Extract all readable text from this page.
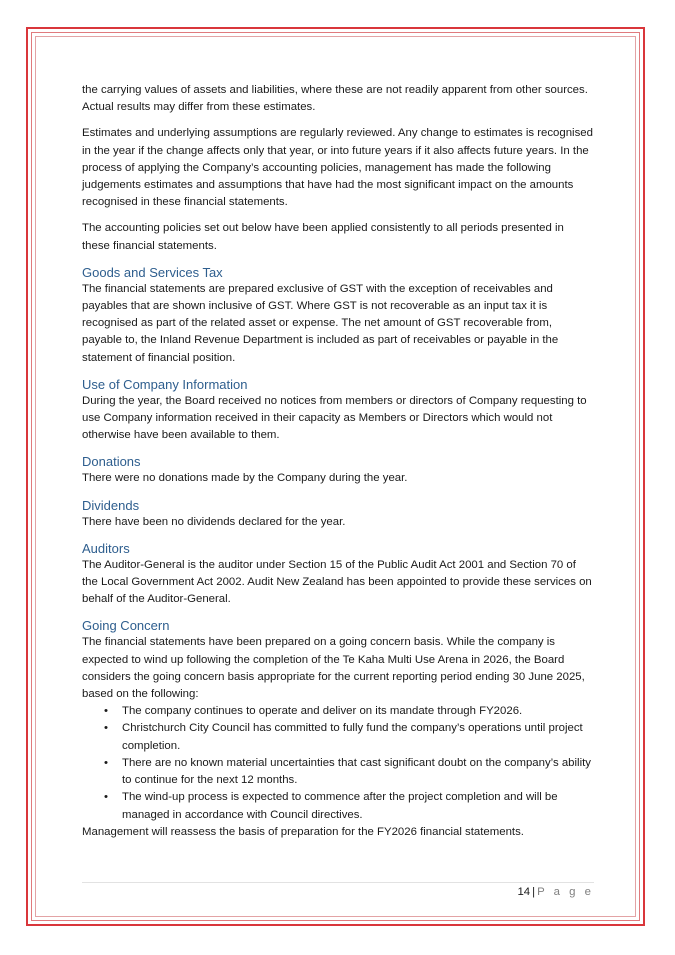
the carrying values of assets and liabilities, where these are not readily apparent from other sources. Actual results may differ from these estimates.

Estimates and underlying assumptions are regularly reviewed. Any change to estimates is recognised in the year if the change affects only that year, or into future years if it also affects future years. In the process of applying the Company’s accounting policies, management has made the following judgements estimates and assumptions that have had the most significant impact on the amounts recognised in these financial statements.

The accounting policies set out below have been applied consistently to all periods presented in these financial statements.

Goods and Services Tax

The financial statements are prepared exclusive of GST with the exception of receivables and payables that are shown inclusive of GST. Where GST is not recoverable as an input tax it is recognised as part of the related asset or expense. The net amount of GST recoverable from, payable to, the Inland Revenue Department is included as part of receivables or payable in the statement of financial position.

Use of Company Information

During the year, the Board received no notices from members or directors of Company requesting to use Company information received in their capacity as Members or Directors which would not otherwise have been available to them.

Donations

There were no donations made by the Company during the year.

Dividends

There have been no dividends declared for the year.

Auditors

The Auditor-General is the auditor under Section 15 of the Public Audit Act 2001 and Section 70 of the Local Government Act 2002. Audit New Zealand has been appointed to provide these services on behalf of the Auditor-General.

Going Concern

The financial statements have been prepared on a going concern basis. While the company is expected to wind up following the completion of the Te Kaha Multi Use Arena in 2026, the Board considers the going concern basis appropriate for the current reporting period ending 30 June 2025, based on the following:

• The company continues to operate and deliver on its mandate through FY2026.
• Christchurch City Council has committed to fully fund the company’s operations until project completion.
• There are no known material uncertainties that cast significant doubt on the company’s ability to continue for the next 12 months.
• The wind-up process is expected to commence after the project completion and will be managed in accordance with Council directives.

Management will reassess the basis of preparation for the FY2026 financial statements.

14 | P a g e
